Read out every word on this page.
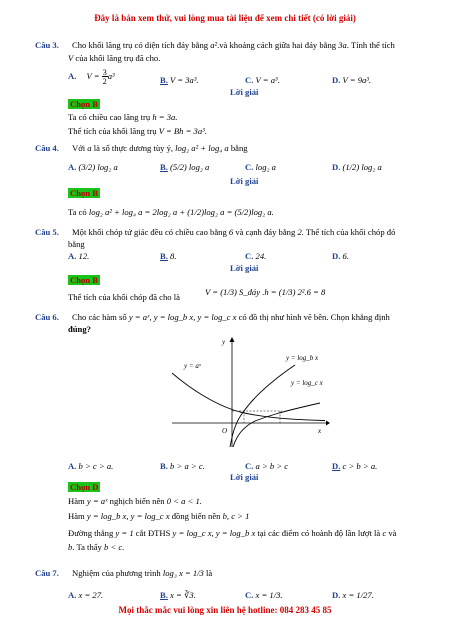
Đây là bản xem thử, vui lòng mua tài liệu để xem chi tiết (có lời giải)
Câu 3. Cho khối lăng trụ có diện tích đáy bằng a².và khoảng cách giữa hai đáy bằng 3a. Tính thể tích
V của khối lăng trụ đã cho.
A. $V = \frac{3}{2}a^3$	B. V = 3a³.	C. V = a³.	D. V = 9a³.
Lời giải
Chọn B
Ta có chiều cao lăng trụ h = 3a.
Thể tích của khối lăng trụ V = Bh = 3a³.
Câu 4. Với a là số thực dương tùy ý, log₂ a² + log₄ a bằng
A. (3/2) log₂ a	B. (5/2) log₂ a	C. log₂ a	D. (1/2) log₂ a
Lời giải
Chọn B
Ta có log₂ a² + log₄ a = 2log₂ a + (1/2)log₂ a = (5/2)log₂ a.
Câu 5. Một khối chóp tứ giác đều có chiều cao bằng 6 và cạnh đáy bằng 2. Thể tích của khối chóp đó
bằng
A. 12.	B. 8.	C. 24.	D. 6.
Lời giải
Chọn B
Thể tích của khối chóp đã cho là	V = (1/3) S_đáy .h = (1/3) 2².6 = 8
Câu 6. Cho các hàm số y = aˣ, y = log_b x, y = log_c x có đồ thị như hình vẽ bên. Chọn khẳng định
đúng?
y = aˣ
y = log_b x
y = log_c x
y
x
O
A. b > c > a.	B. b > a > c.	C. a > b > c	D. c > b > a.
Lời giải
Chọn D
Hàm y = aˣ nghịch biến nên 0 < a < 1.
Hàm y = log_b x, y = log_c x đồng biến nên b, c > 1
Đường thẳng y = 1 cắt ĐTHS y = log_c x, y = log_b x tại các điểm có hoành độ lần lượt là c và
b. Ta thấy b < c.
Câu 7. Nghiệm của phương trình log₃ x = 1/3 là
A. x = 27.	B. x = ∛3.	C. x = 1/3.	D. x = 1/27.
Mọi thắc mắc vui lòng xin liên hệ hotline: 084 283 45 85
